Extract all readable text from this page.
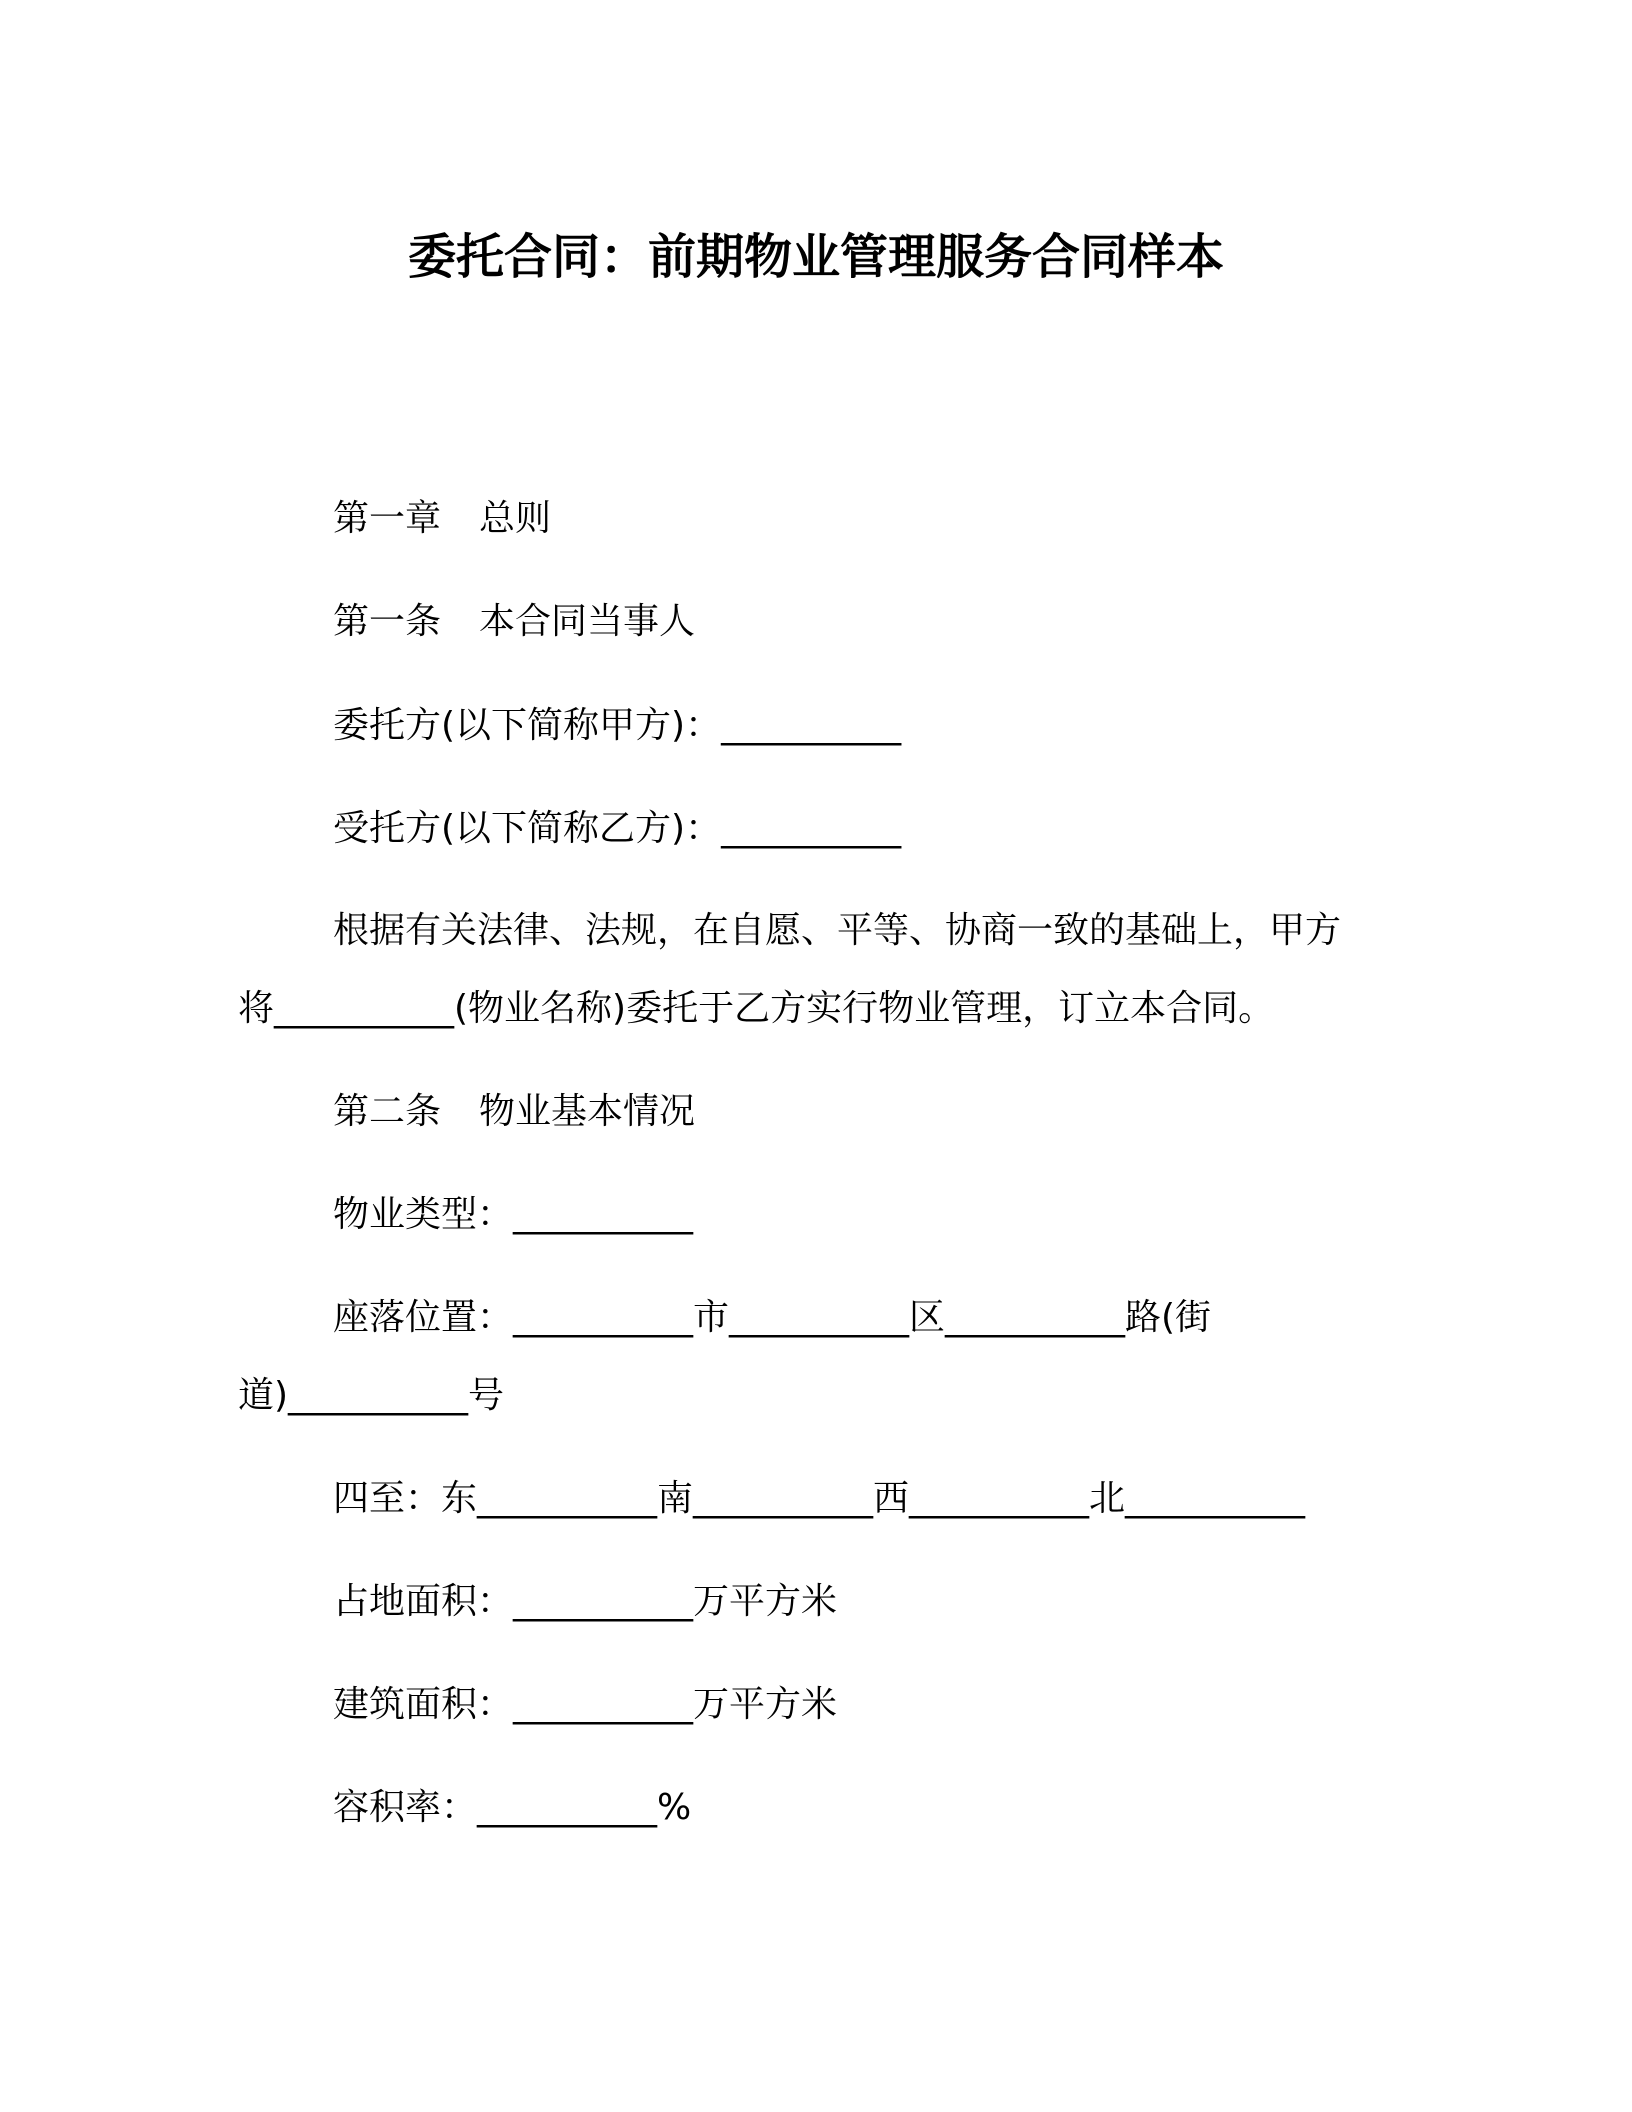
委托合同：前期物业管理服务合同样本
第一章 总则
第一条 本合同当事人
委托方(以下简称甲方)：__________
受托方(以下简称乙方)：__________
根据有关法律、法规，在自愿、平等、协商一致的基础上，甲方
将__________(物业名称)委托于乙方实行物业管理，订立本合同。
第二条 物业基本情况
物业类型：__________
座落位置：__________市__________区__________路(街
道)__________号
四至：东__________南__________西__________北__________
占地面积：__________万平方米
建筑面积：__________万平方米
容积率：__________%
